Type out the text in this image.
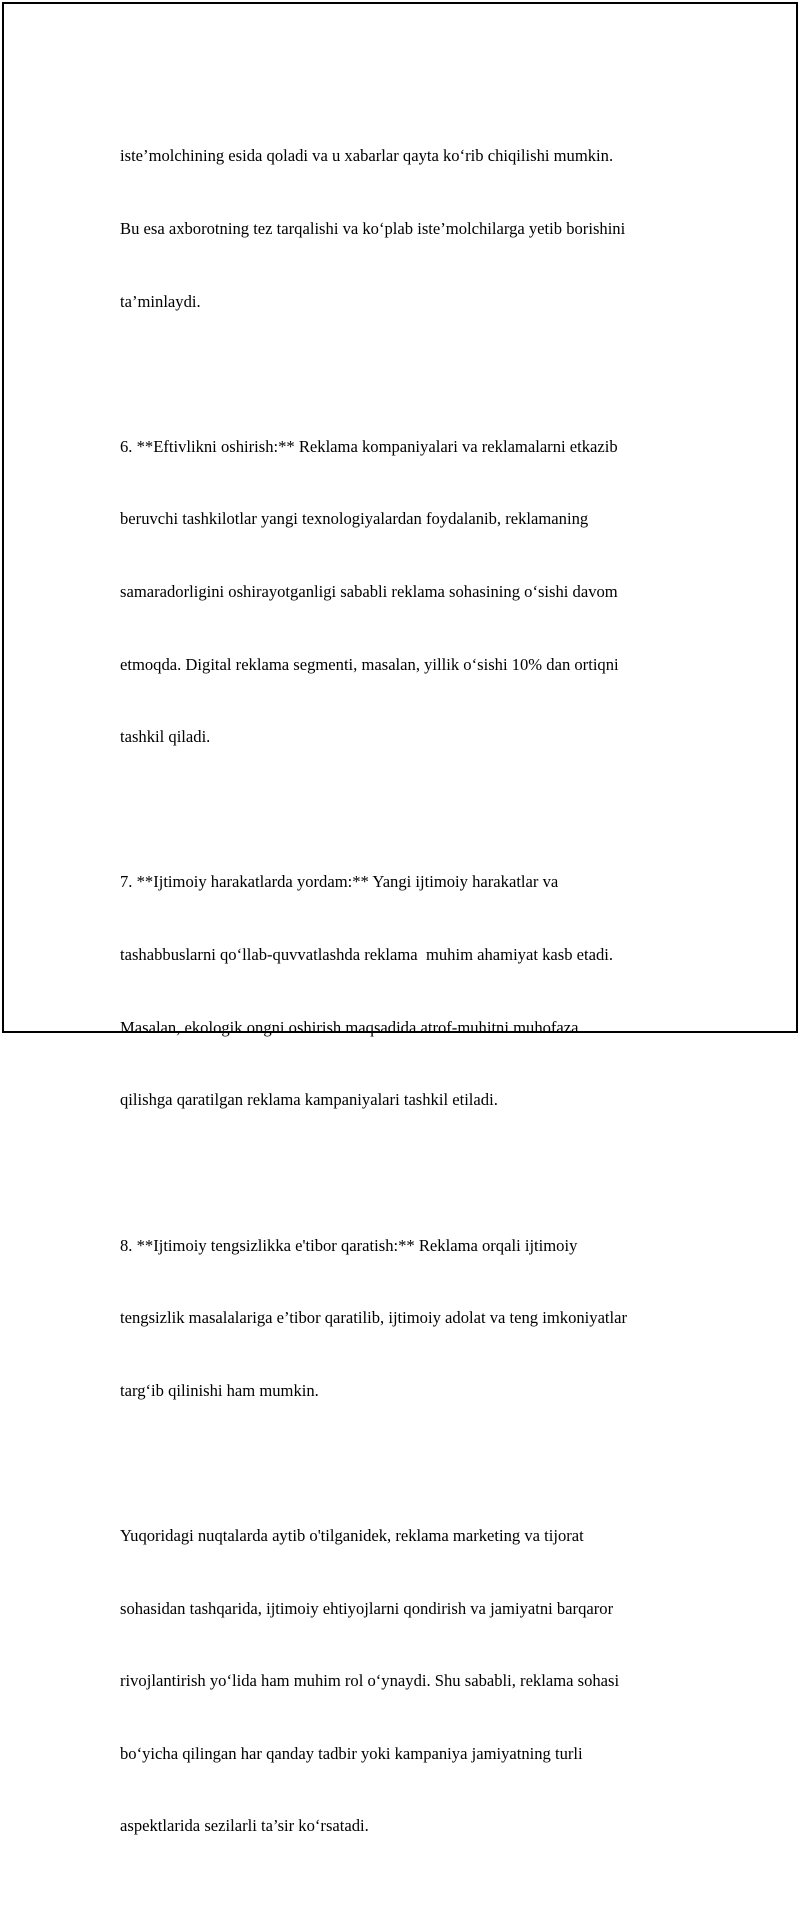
iste’molchining esida qoladi va u xabarlar qayta ko‘rib chiqilishi mumkin.

Bu esa axborotning tez tarqalishi va ko‘plab iste’molchilarga yetib borishini

ta’minlaydi.

6. **Eftivlikni oshirish:** Reklama kompaniyalari va reklamalarni etkazib

beruvchi tashkilotlar yangi texnologiyalardan foydalanib, reklamaning

samaradorligini oshirayotganligi sababli reklama sohasining o‘sishi davom

etmoqda. Digital reklama segmenti, masalan, yillik o‘sishi 10% dan ortiqni

tashkil qiladi.

7. **Ijtimoiy harakatlarda yordam:** Yangi ijtimoiy harakatlar va

tashabbuslarni qo‘llab-quvvatlashda reklama  muhim ahamiyat kasb etadi.

Masalan, ekologik ongni oshirish maqsadida atrof-muhitni muhofaza

qilishga qaratilgan reklama kampaniyalari tashkil etiladi.

8. **Ijtimoiy tengsizlikka e'tibor qaratish:** Reklama orqali ijtimoiy

tengsizlik masalalariga e’tibor qaratilib, ijtimoiy adolat va teng imkoniyatlar

targ‘ib qilinishi ham mumkin.

Yuqoridagi nuqtalarda aytib o'tilganidek, reklama marketing va tijorat

sohasidan tashqarida, ijtimoiy ehtiyojlarni qondirish va jamiyatni barqaror

rivojlantirish yo‘lida ham muhim rol o‘ynaydi. Shu sababli, reklama sohasi

bo‘yicha qilingan har qanday tadbir yoki kampaniya jamiyatning turli

aspektlarida sezilarli ta’sir ko‘rsatadi.
